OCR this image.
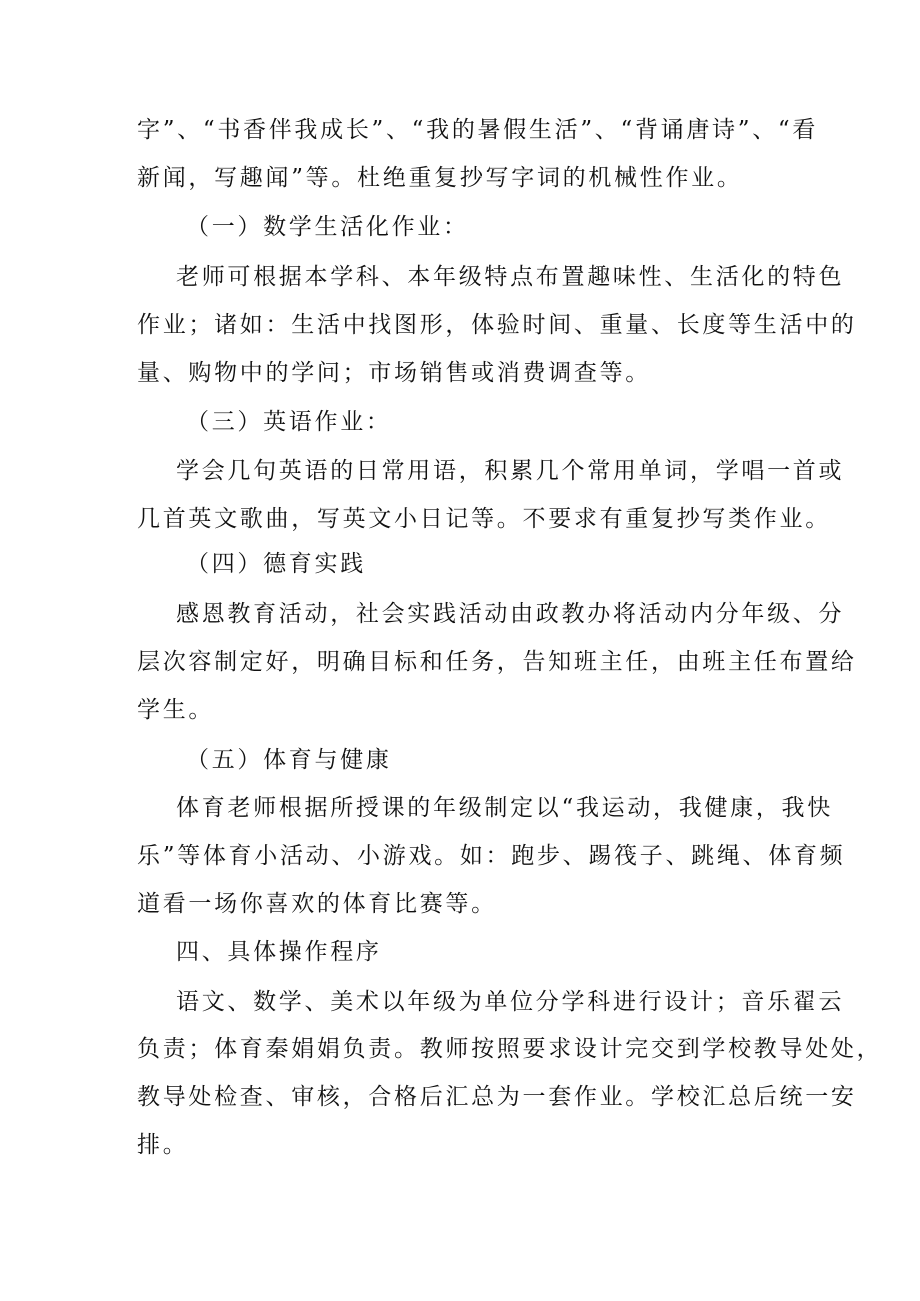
字”、“书香伴我成长”、“我的暑假生活”、“背诵唐诗”、“看

新闻，写趣闻”等。杜绝重复抄写字词的机械性作业。

（一）数学生活化作业：

老师可根据本学科、本年级特点布置趣味性、生活化的特色

作业；诸如：生活中找图形，体验时间、重量、长度等生活中的

量、购物中的学问；市场销售或消费调查等。

（三）英语作业：

学会几句英语的日常用语，积累几个常用单词，学唱一首或

几首英文歌曲，写英文小日记等。不要求有重复抄写类作业。

（四）德育实践

感恩教育活动，社会实践活动由政教办将活动内分年级、分

层次容制定好，明确目标和任务，告知班主任，由班主任布置给

学生。

（五）体育与健康

体育老师根据所授课的年级制定以“我运动，我健康，我快

乐”等体育小活动、小游戏。如：跑步、踢筏子、跳绳、体育频

道看一场你喜欢的体育比赛等。

四、具体操作程序

语文、数学、美术以年级为单位分学科进行设计；音乐翟云

负责；体育秦娟娟负责。教师按照要求设计完交到学校教导处处，

教导处检查、审核，合格后汇总为一套作业。学校汇总后统一安

排。
